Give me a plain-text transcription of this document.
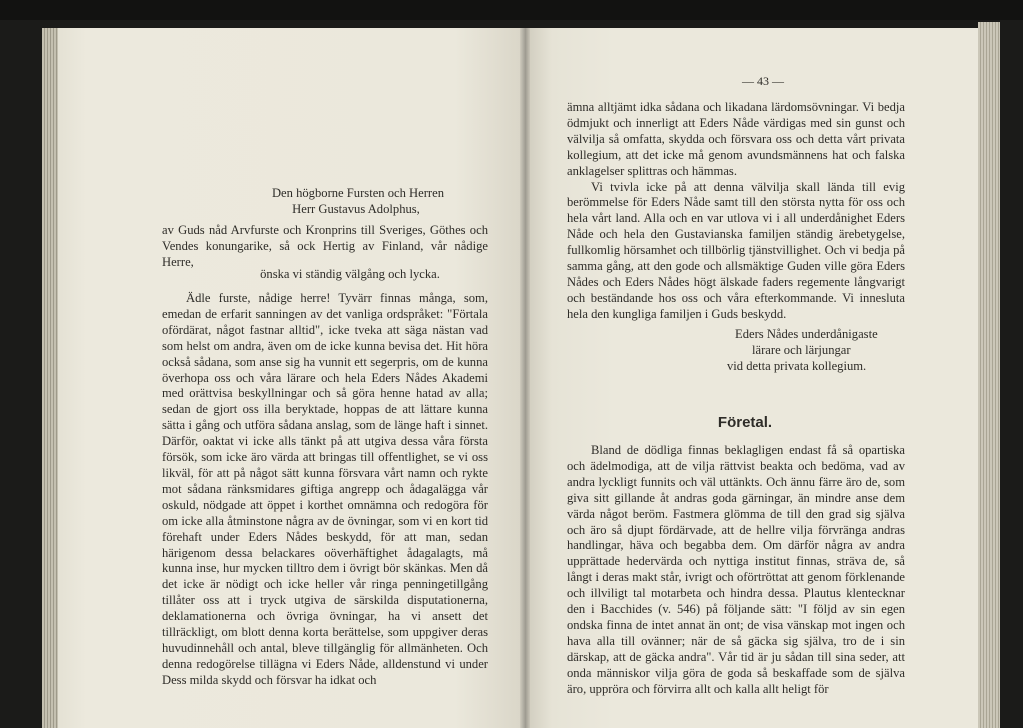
Den högborne Fursten och Herren
Herr Gustavus Adolphus,
av Guds nåd Arvfurste och Kronprins till Sveriges, Göthes och Vendes konungarike, så ock Hertig av Finland, vår nådige Herre,
önska vi ständig välgång och lycka.
Ädle furste, nådige herre! Tyvärr finnas många, som, emedan de erfarit sanningen av det vanliga ordspråket: "Förtala ofördärat, något fastnar alltid", icke tveka att säga nästan vad som helst om andra, även om de icke kunna bevisa det. Hit höra också sådana, som anse sig ha vunnit ett segerpris, om de kunna överhopa oss och våra lärare och hela Eders Nådes Akademi med orättvisa beskyllningar och så göra henne hatad av alla; sedan de gjort oss illa beryktade, hoppas de att lättare kunna sätta i gång och utföra sådana anslag, som de länge haft i sinnet. Därför, oaktat vi icke alls tänkt på att utgiva dessa våra första försök, som icke äro värda att bringas till offentlighet, se vi oss likväl, för att på något sätt kunna försvara vårt namn och rykte mot sådana ränksmidares giftiga angrepp och ådagalägga vår oskuld, nödgade att öppet i korthet omnämna och redogöra för om icke alla åtminstone några av de övningar, som vi en kort tid förehaft under Eders Nådes beskydd, för att man, sedan härigenom dessa belackares oöverhäftighet ådagalagts, må kunna inse, hur mycken tilltro dem i övrigt bör skänkas. Men då det icke är nödigt och icke heller vår ringa penningetillgång tillåter oss att i tryck utgiva de särskilda disputationerna, deklamationerna och övriga övningar, ha vi ansett det tillräckligt, om blott denna korta berättelse, som uppgiver deras huvudinnehåll och antal, bleve tillgänglig för allmänheten. Och denna redogörelse tillägna vi Eders Nåde, alldenstund vi under Dess milda skydd och försvar ha idkat och
— 43 —

ämna alltjämt idka sådana och likadana lärdomsövningar. Vi bedja ödmjukt och innerligt att Eders Nåde värdigas med sin gunst och välvilja så omfatta, skydda och försvara oss och detta vårt privata kollegium, att det icke må genom avundsmännens hat och falska anklagelser splittras och hämmas.

Vi tvivla icke på att denna välvilja skall lända till evig berömmelse för Eders Nåde samt till den största nytta för oss och hela vårt land. Alla och en var utlova vi i all underdånighet Eders Nåde och hela den Gustavianska familjen ständig ärebetygelse, fullkomlig hörsamhet och tillbörlig tjänstvillighet. Och vi bedja på samma gång, att den gode och allsmäktige Guden ville göra Eders Nådes och Eders Nådes högt älskade faders regemente långvarigt och beständande hos oss och våra efterkommande. Vi innesluta hela den kungliga familjen i Guds beskydd.

Eders Nådes underdånigaste
lärare och lärjungar
vid detta privata kollegium.
Företal.
Bland de dödliga finnas beklagligen endast få så opartiska och ädelmodiga, att de vilja rättvist beakta och bedöma, vad av andra lyckligt funnits och väl uttänkts. Och ännu färre äro de, som giva sitt gillande åt andras goda gärningar, än mindre anse dem värda något beröm. Fastmera glömma de till den grad sig själva och äro så djupt fördärvade, att de hellre vilja förvränga andras handlingar, häva och begabba dem. Om därför några av andra upprättade hedervärda och nyttiga institut finnas, sträva de, så långt i deras makt står, ivrigt och oförtröttat att genom förklenande och illviligt tal motarbeta och hindra dessa. Plautus klentecknar den i Bacchides (v. 546) på följande sätt: "I följd av sin egen ondska finna de intet annat än ont; de visa vänskap mot ingen och hava alla till ovänner; när de så gäcka sig själva, tro de i sin därskap, att de gäcka andra". Vår tid är ju sådan till sina seder, att onda människor vilja göra de goda så beskaffade som de själva äro, uppröra och förvirra allt och kalla allt heligt för
